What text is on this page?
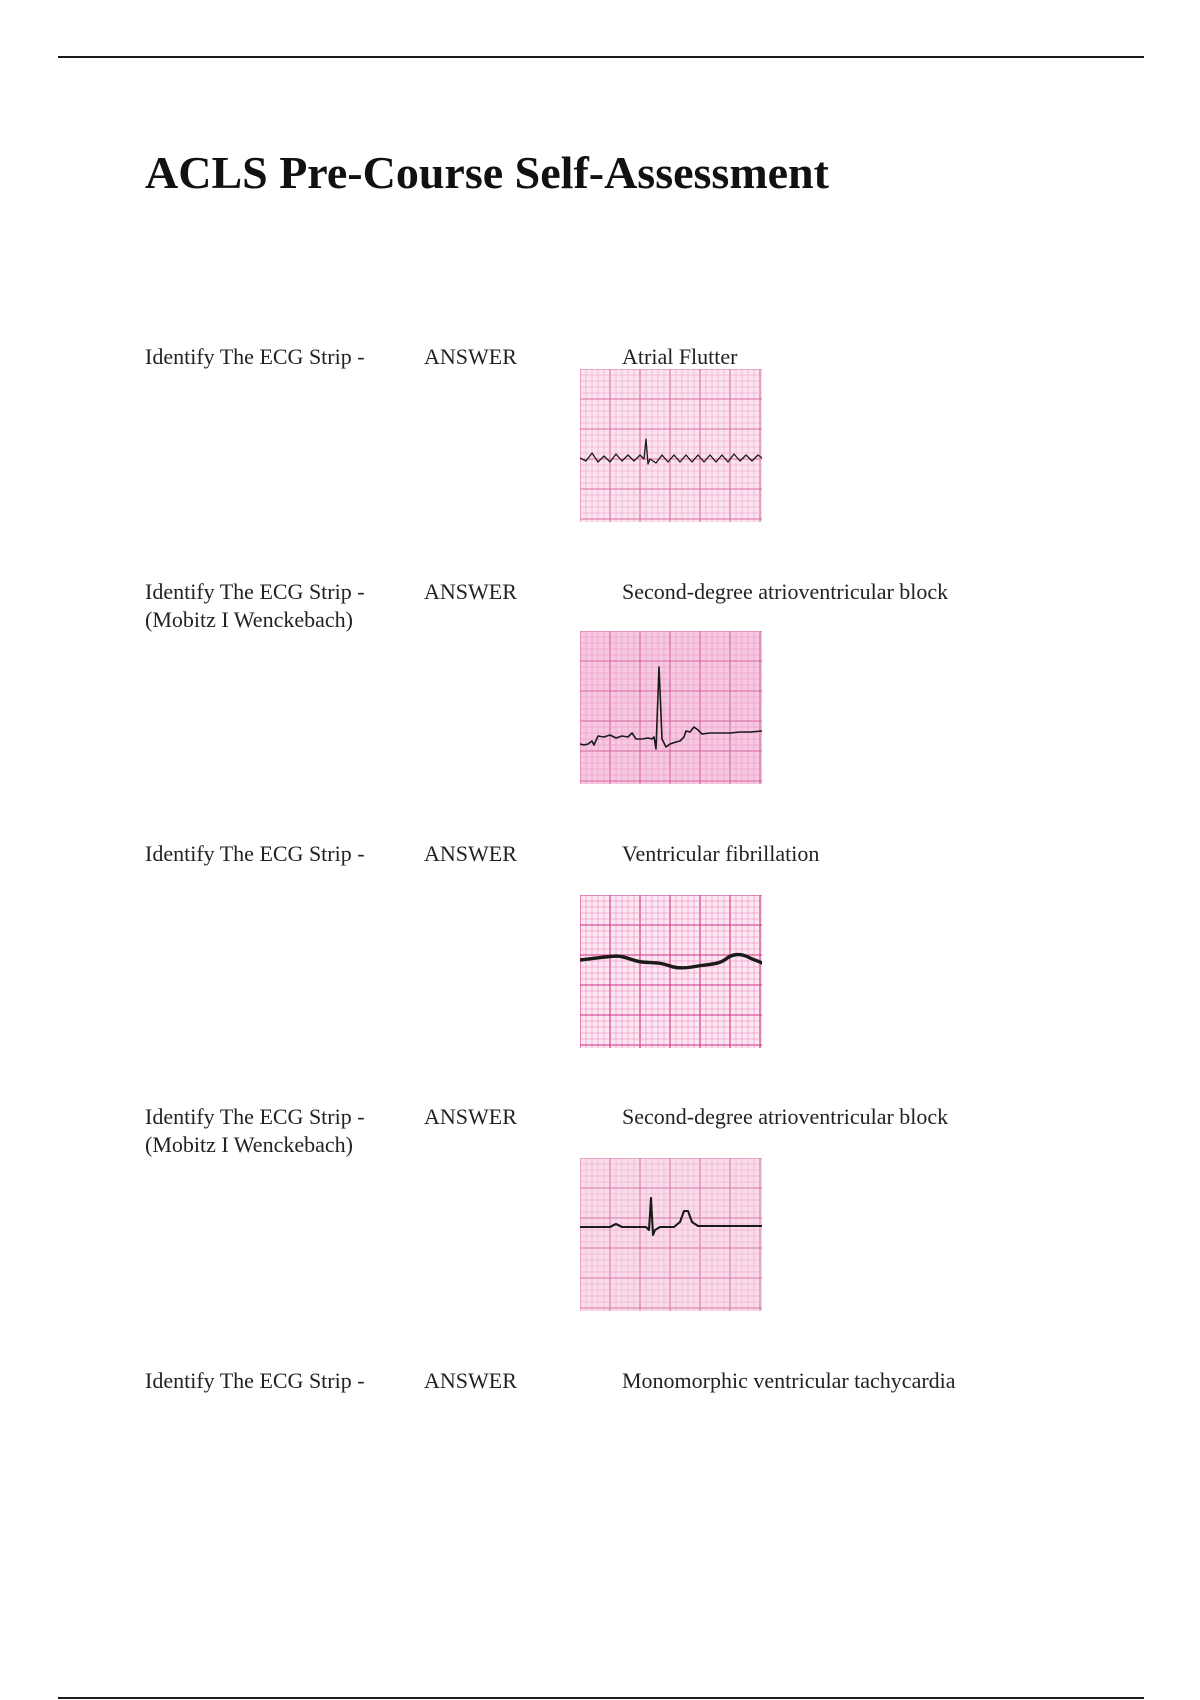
ACLS Pre-Course Self-Assessment
Identify The ECG Strip -	ANSWER	Atrial Flutter
Identify The ECG Strip -
(Mobitz I Wenckebach)
ANSWER	Second-degree atrioventricular block
Identify The ECG Strip -	ANSWER	Ventricular fibrillation
Identify The ECG Strip -
(Mobitz I Wenckebach)
ANSWER	Second-degree atrioventricular block
Identify The ECG Strip -	ANSWER	Monomorphic ventricular tachycardia
